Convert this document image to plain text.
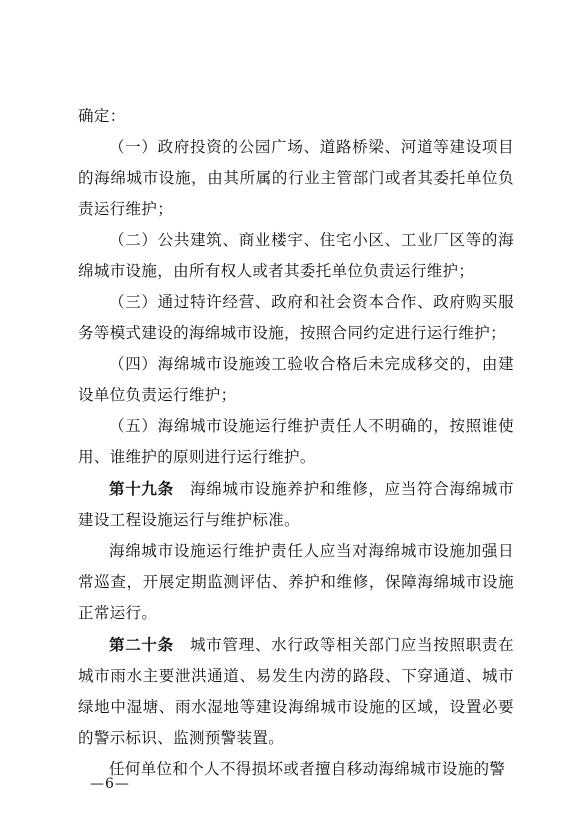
确定：

（一）政府投资的公园广场、道路桥梁、河道等建设项目的海绵城市设施，由其所属的行业主管部门或者其委托单位负责运行维护；

（二）公共建筑、商业楼宇、住宅小区、工业厂区等的海绵城市设施，由所有权人或者其委托单位负责运行维护；

（三）通过特许经营、政府和社会资本合作、政府购买服务等模式建设的海绵城市设施，按照合同约定进行运行维护；

（四）海绵城市设施竣工验收合格后未完成移交的，由建设单位负责运行维护；

（五）海绵城市设施运行维护责任人不明确的，按照谁使用、谁维护的原则进行运行维护。

第十九条　海绵城市设施养护和维修，应当符合海绵城市建设工程设施运行与维护标准。

海绵城市设施运行维护责任人应当对海绵城市设施加强日常巡查，开展定期监测评估、养护和维修，保障海绵城市设施正常运行。

第二十条　城市管理、水行政等相关部门应当按照职责在城市雨水主要泄洪通道、易发生内涝的路段、下穿通道、城市绿地中湿塘、雨水湿地等建设海绵城市设施的区域，设置必要的警示标识、监测预警装置。

任何单位和个人不得损坏或者擅自移动海绵城市设施的警

—6—
